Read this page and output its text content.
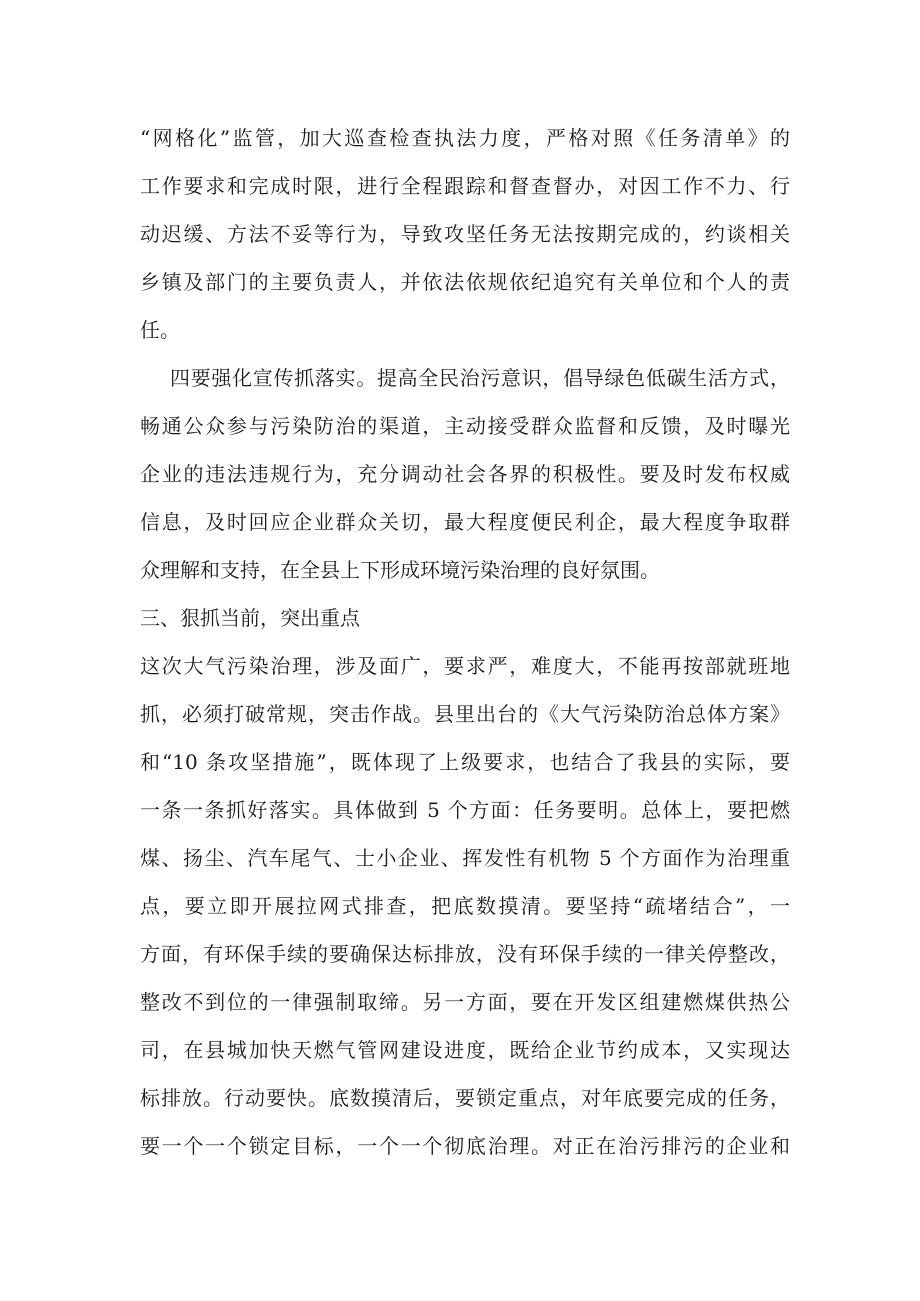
“网格化”监管，加大巡查检查执法力度，严格对照《任务清单》的
工作要求和完成时限，进行全程跟踪和督查督办，对因工作不力、行
动迟缓、方法不妥等行为，导致攻坚任务无法按期完成的，约谈相关
乡镇及部门的主要负责人，并依法依规依纪追究有关单位和个人的责
任。

四要强化宣传抓落实。提高全民治污意识，倡导绿色低碳生活方式，
畅通公众参与污染防治的渠道，主动接受群众监督和反馈，及时曝光
企业的违法违规行为，充分调动社会各界的积极性。要及时发布权威
信息，及时回应企业群众关切，最大程度便民利企，最大程度争取群
众理解和支持，在全县上下形成环境污染治理的良好氛围。

三、狠抓当前，突出重点

这次大气污染治理，涉及面广，要求严，难度大，不能再按部就班地
抓，必须打破常规，突击作战。县里出台的《大气污染防治总体方案》
和“10 条攻坚措施”，既体现了上级要求，也结合了我县的实际，要
一条一条抓好落实。具体做到 5 个方面：任务要明。总体上，要把燃
煤、扬尘、汽车尾气、士小企业、挥发性有机物 5 个方面作为治理重
点，要立即开展拉网式排查，把底数摸清。要坚持“疏堵结合”，一
方面，有环保手续的要确保达标排放，没有环保手续的一律关停整改，
整改不到位的一律强制取缔。另一方面，要在开发区组建燃煤供热公
司，在县城加快天燃气管网建设进度，既给企业节约成本，又实现达
标排放。行动要快。底数摸清后，要锁定重点，对年底要完成的任务，
要一个一个锁定目标，一个一个彻底治理。对正在治污排污的企业和
